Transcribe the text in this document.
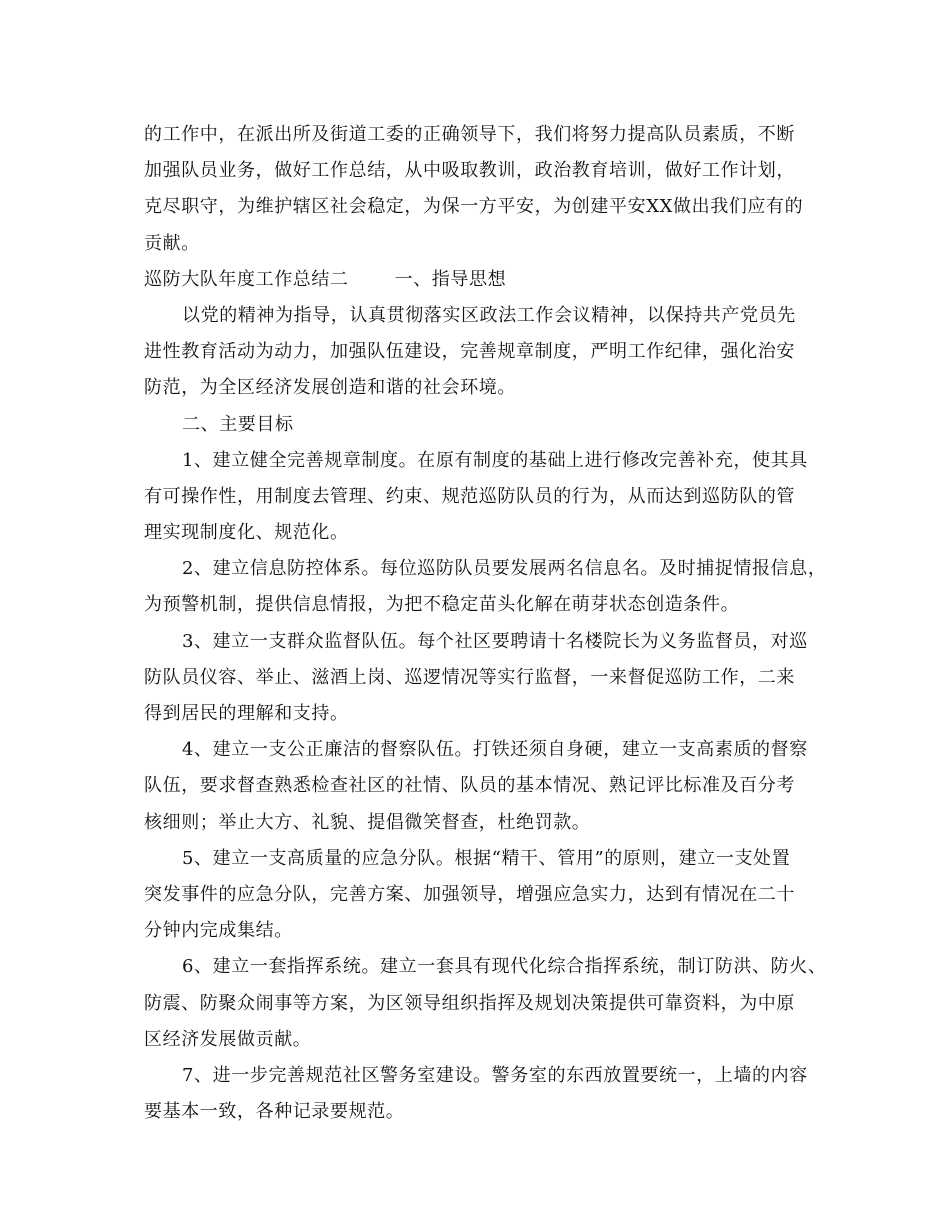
的工作中，在派出所及街道工委的正确领导下，我们将努力提高队员素质，不断
加强队员业务，做好工作总结，从中吸取教训，政治教育培训，做好工作计划，
克尽职守，为维护辖区社会稳定，为保一方平安，为创建平安XX做出我们应有的
贡献。
巡防大队年度工作总结二	一、指导思想
以党的精神为指导，认真贯彻落实区政法工作会议精神，以保持共产党员先
进性教育活动为动力，加强队伍建设，完善规章制度，严明工作纪律，强化治安
防范，为全区经济发展创造和谐的社会环境。
二、主要目标
1、建立健全完善规章制度。在原有制度的基础上进行修改完善补充，使其具
有可操作性，用制度去管理、约束、规范巡防队员的行为，从而达到巡防队的管
理实现制度化、规范化。
2、建立信息防控体系。每位巡防队员要发展两名信息名。及时捕捉情报信息，
为预警机制，提供信息情报，为把不稳定苗头化解在萌芽状态创造条件。
3、建立一支群众监督队伍。每个社区要聘请十名楼院长为义务监督员，对巡
防队员仪容、举止、滋酒上岗、巡逻情况等实行监督，一来督促巡防工作，二来
得到居民的理解和支持。
4、建立一支公正廉洁的督察队伍。打铁还须自身硬，建立一支高素质的督察
队伍，要求督查熟悉检查社区的社情、队员的基本情况、熟记评比标准及百分考
核细则；举止大方、礼貌、提倡微笑督查，杜绝罚款。
5、建立一支高质量的应急分队。根据“精干、管用”的原则，建立一支处置
突发事件的应急分队，完善方案、加强领导，增强应急实力，达到有情况在二十
分钟内完成集结。
6、建立一套指挥系统。建立一套具有现代化综合指挥系统，制订防洪、防火、
防震、防聚众闹事等方案，为区领导组织指挥及规划决策提供可靠资料，为中原
区经济发展做贡献。
7、进一步完善规范社区警务室建设。警务室的东西放置要统一，上墙的内容
要基本一致，各种记录要规范。
